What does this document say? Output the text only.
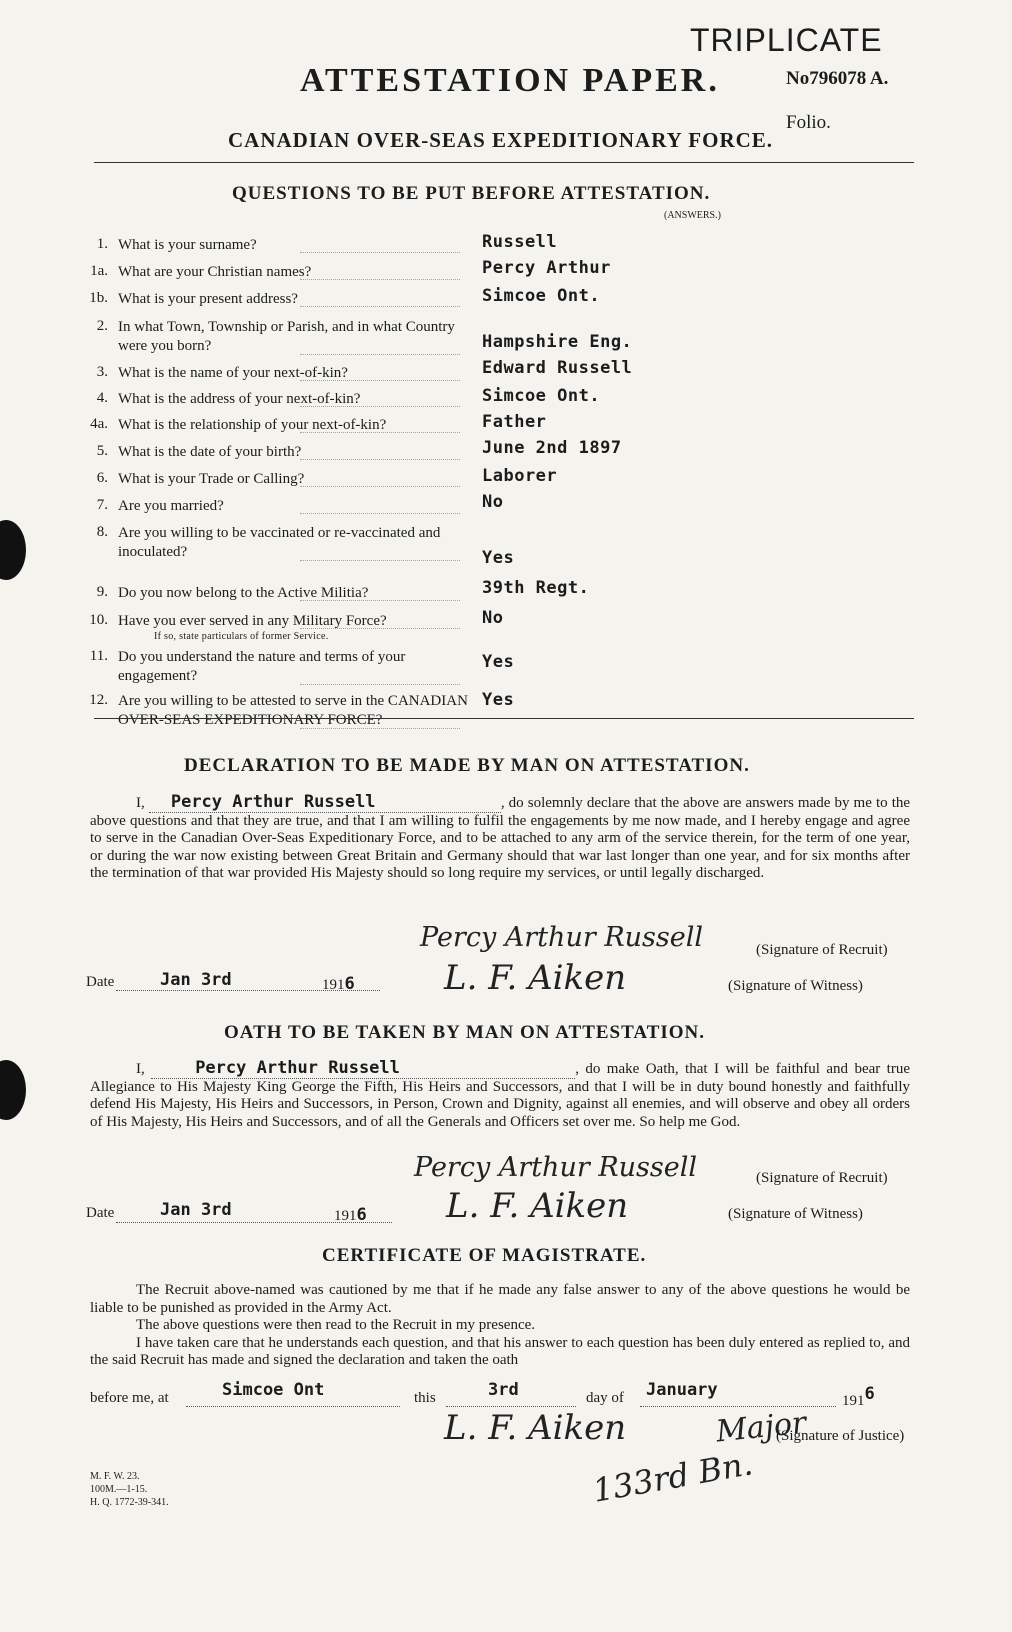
TRIPLICATE
ATTESTATION PAPER.	No796078 A.
Folio.
CANADIAN OVER-SEAS EXPEDITIONARY FORCE.
QUESTIONS TO BE PUT BEFORE ATTESTATION.
(ANSWERS.)
1. What is your surname?	Russell
1a. What are your Christian names?	Percy Arthur
1b. What is your present address?	Simcoe Ont.
2. In what Town, Township or Parish, and in what Country were you born?	Hampshire Eng.
3. What is the name of your next-of-kin?	Edward Russell
4. What is the address of your next-of-kin?	Simcoe Ont.
4a. What is the relationship of your next-of-kin?	Father
5. What is the date of your birth?	June 2nd 1897
6. What is your Trade or Calling?	Laborer
7. Are you married?	No
8. Are you willing to be vaccinated or re-vaccinated and inoculated?	Yes
9. Do you now belong to the Active Militia?	39th Regt.
10. Have you ever served in any Military Force?
If so, state particulars of former Service.
No
11. Do you understand the nature and terms of your engagement?
Yes
12. Are you willing to be attested to serve in the CANADIAN OVER-SEAS EXPEDITIONARY FORCE?
Yes
DECLARATION TO BE MADE BY MAN ON ATTESTATION.
I, Percy Arthur Russell	, do solemnly declare that the above are answers made by me to the above questions and that they are true, and that I am willing to fulfil the engagements by me now made, and I hereby engage and agree to serve in the Canadian Over-Seas Expeditionary Force, and to be attached to any arm of the service therein, for the term of one year, or during the war now existing between Great Britain and Germany should that war last longer than one year, and for six months after the termination of that war provided His Majesty should so long require my services, or until legally discharged.
Percy Arthur Russell	(Signature of Recruit)
Date	Jan 3rd	1916	L. F. Aiken	(Signature of Witness)
OATH TO BE TAKEN BY MAN ON ATTESTATION.
I,	Percy Arthur Russell	, do make Oath, that I will be faithful and bear true Allegiance to His Majesty King George the Fifth, His Heirs and Successors, and that I will be in duty bound honestly and faithfully defend His Majesty, His Heirs and Successors, in Person, Crown and Dignity, against all enemies, and will observe and obey all orders of His Majesty, His Heirs and Successors, and of all the Generals and Officers set over me. So help me God.
Percy Arthur Russell	(Signature of Recruit)
Date	Jan 3rd	1916 L. F. Aiken	(Signature of Witness)
CERTIFICATE OF MAGISTRATE.
The Recruit above-named was cautioned by me that if he made any false answer to any of the above questions he would be liable to be punished as provided in the Army Act.
The above questions were then read to the Recruit in my presence.
I have taken care that he understands each question, and that his answer to each question has been duly entered as replied to, and the said Recruit has made and signed the declaration and taken the oath
before me, at	Simcoe Ont	this	3rd	day of January
1916
L. F. Aiken	Major
133rd Bn.
(Signature of Justice)
M. F. W. 23.
100M.—1-15.
H. Q. 1772-39-341.
